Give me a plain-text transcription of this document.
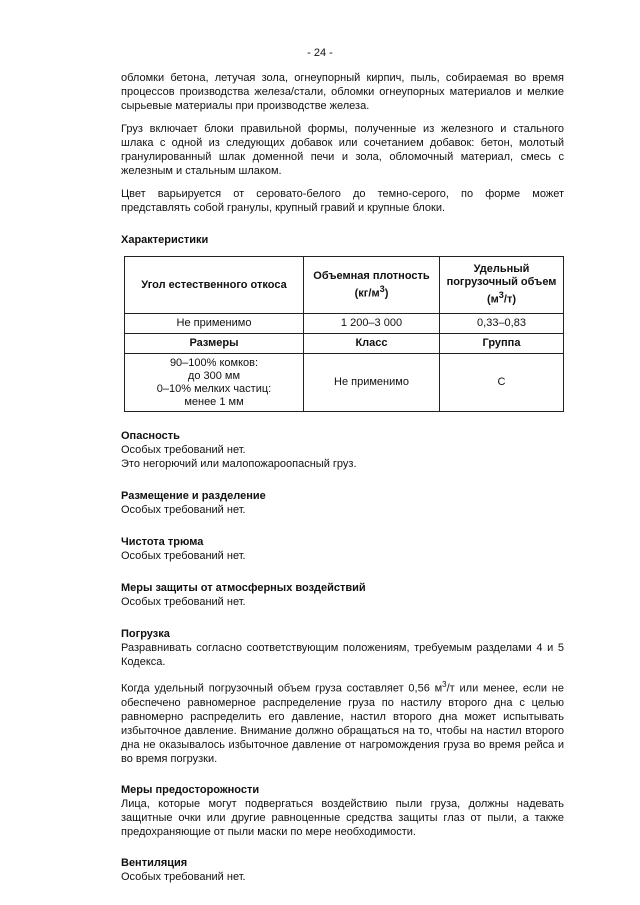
- 24 -

обломки бетона, летучая зола, огнеупорный кирпич, пыль, собираемая во время процессов производства железа/стали, обломки огнеупорных материалов и мелкие сырьевые материалы при производстве железа.

Груз включает блоки правильной формы, полученные из железного и стального шлака с одной из следующих добавок или сочетанием добавок: бетон, молотый гранулированный шлак доменной печи и зола, обломочный материал, смесь с железным и стальным шлаком.

Цвет варьируется от серовато-белого до темно-серого, по форме может представлять собой гранулы, крупный гравий и крупные блоки.

Характеристики
Угол естественного откоса	Объемная плотность $(кг/м^3)$	Удельный погрузочный объем $(м^3/т)$
Не применимо	1 200–3 000	0,33–0,83
Размеры	Класс	Группа

90–100% комков:
до 300 мм
0–10% мелких частиц:
менее 1 мм	Не применимо	С
Опасность

Особых требований нет.

Это негорючий или малопожароопасный груз.

Размещение и разделение

Особых требований нет.

Чистота трюма

Особых требований нет.

Меры защиты от атмосферных воздействий

Особых требований нет.

Погрузка

Разравнивать согласно соответствующим положениям, требуемым разделами 4 и 5 Кодекса.

Когда удельный погрузочный объем груза составляет 0,56 $м^3/т$ или менее, если не обеспечено равномерное распределение груза по настилу второго дна с целью равномерно распределить его давление, настил второго дна может испытывать избыточное давление. Внимание должно обращаться на то, чтобы на настил второго дна не оказывалось избыточное давление от нагромождения груза во время рейса и во время погрузки.

Меры предосторожности

Лица, которые могут подвергаться воздействию пыли груза, должны надевать защитные очки или другие равноценные средства защиты глаз от пыли, а также предохраняющие от пыли маски по мере необходимости.

Вентиляция

Особых требований нет.
